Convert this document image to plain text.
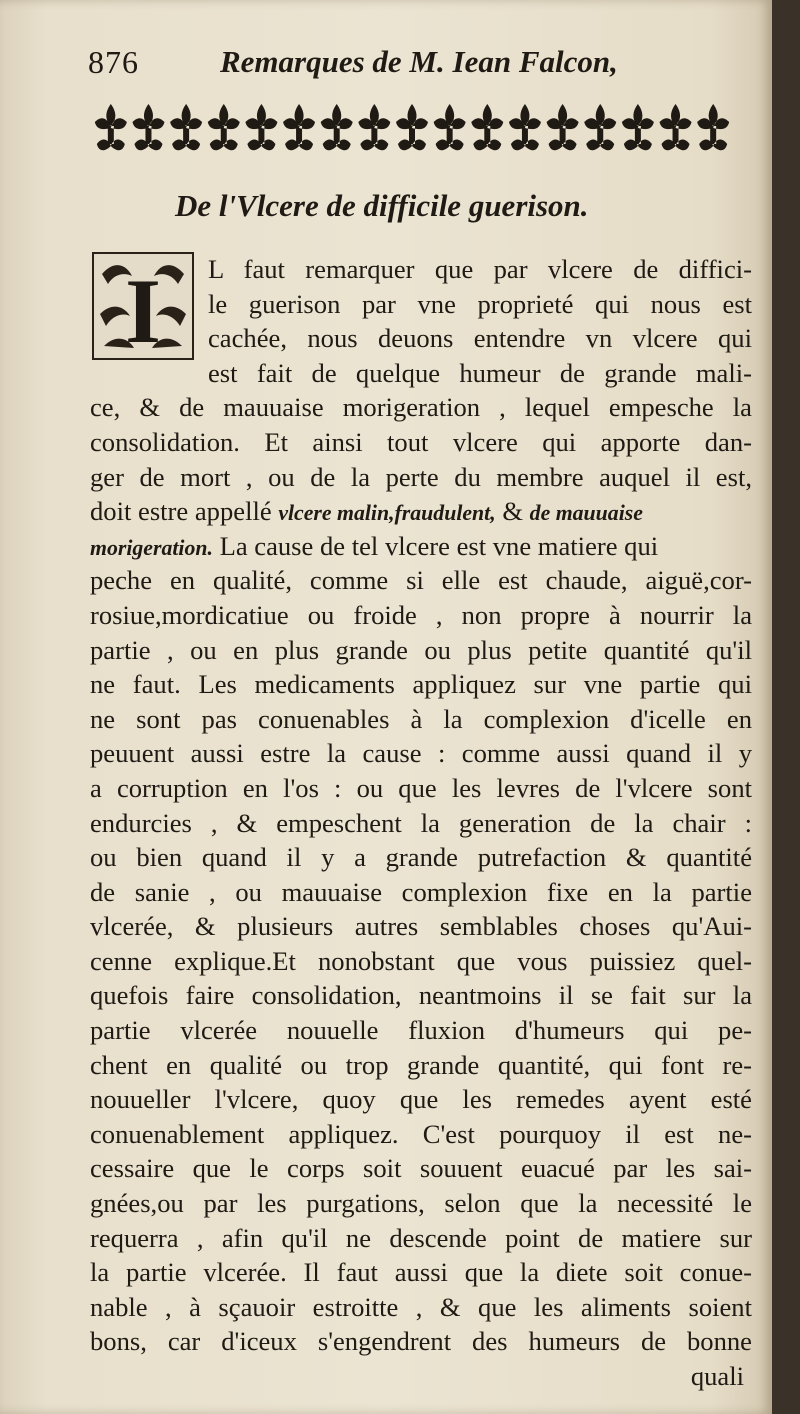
876	Remarques de M. Iean Falcon,
De l'Vlcere de difficile guerison.
I	L faut remarquer que par vlcere de diffici-
le guerison par vne proprieté qui nous est
cachée, nous deuons entendre vn vlcere qui
est fait de quelque humeur de grande mali-
ce, & de mauuaise morigeration , lequel empesche la
consolidation. Et ainsi tout vlcere qui apporte dan-
ger de mort , ou de la perte du membre auquel il est,
doit estre appellé vlcere malin,fraudulent, & de mauuaise
morigeration. La cause de tel vlcere est vne matiere qui
peche en qualité, comme si elle est chaude, aiguë,cor-
rosiue,mordicatiue ou froide , non propre à nourrir la
partie , ou en plus grande ou plus petite quantité qu'il
ne faut. Les medicaments appliquez sur vne partie qui
ne sont pas conuenables à la complexion d'icelle en
peuuent aussi estre la cause : comme aussi quand il y
a corruption en l'os : ou que les levres de l'vlcere sont
endurcies , & empeschent la generation de la chair :
ou bien quand il y a grande putrefaction & quantité
de sanie , ou mauuaise complexion fixe en la partie
vlcerée, & plusieurs autres semblables choses qu'Aui-
cenne explique.Et nonobstant que vous puissiez quel-
quefois faire consolidation, neantmoins il se fait sur la
partie vlcerée nouuelle fluxion d'humeurs qui pe-
chent en qualité ou trop grande quantité, qui font re-
nouueller l'vlcere, quoy que les remedes ayent esté
conuenablement appliquez. C'est pourquoy il est ne-
cessaire que le corps soit souuent euacué par les sai-
gnées,ou par les purgations, selon que la necessité le
requerra , afin qu'il ne descende point de matiere sur
la partie vlcerée. Il faut aussi que la diete soit conue-
nable , à sçauoir estroitte , & que les aliments soient
bons, car d'iceux s'engendrent des humeurs de bonne
quali
